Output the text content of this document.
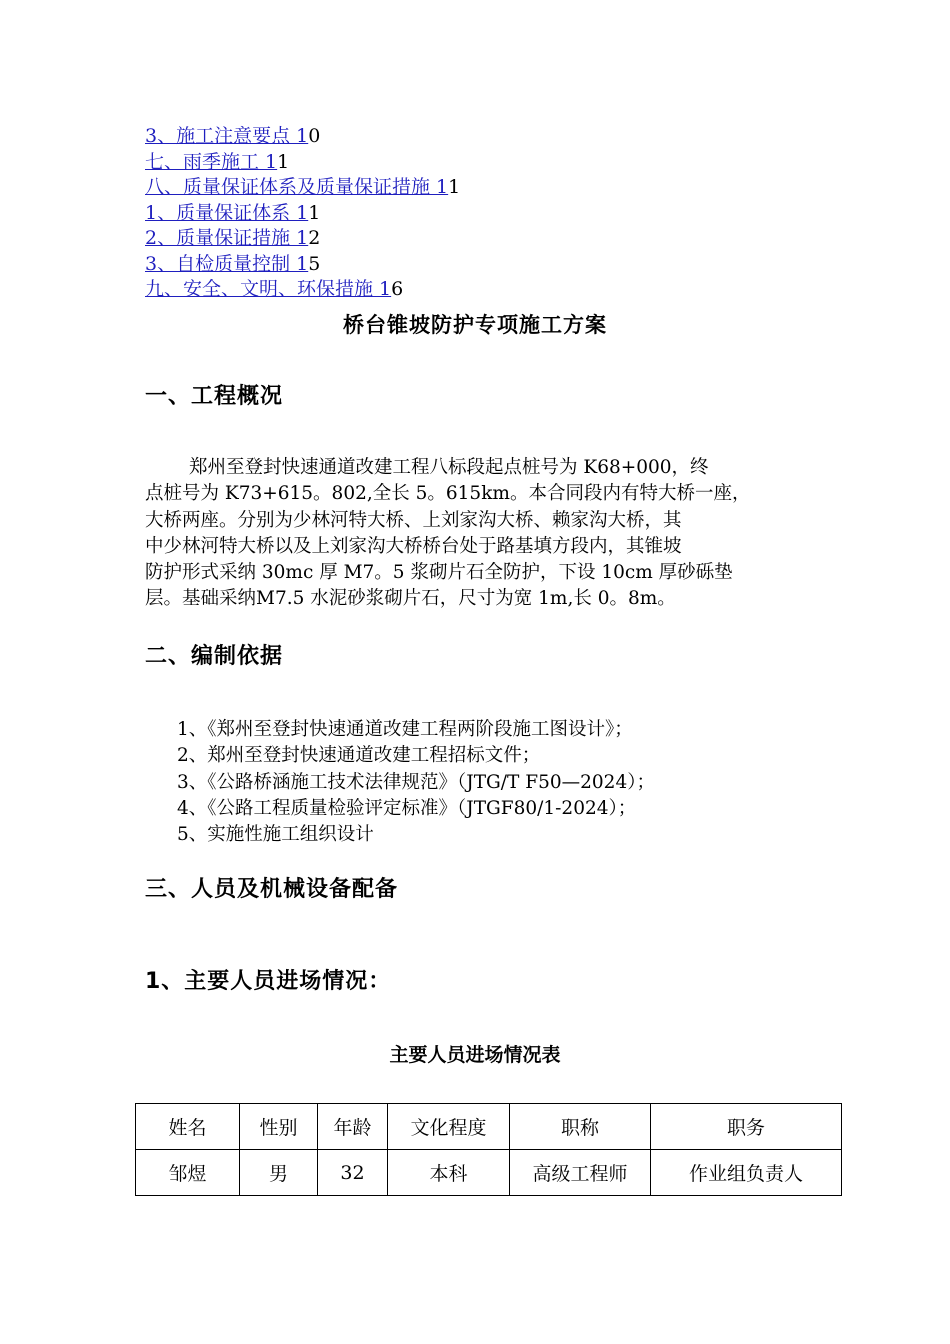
3、施工注意要点 10
七、雨季施工 11
八、质量保证体系及质量保证措施 11
1、质量保证体系 11
2、质量保证措施 12
3、自检质量控制 15
九、安全、文明、环保措施 16
桥台锥坡防护专项施工方案
一、工程概况
郑州至登封快速通道改建工程八标段起点桩号为 K68+000，终
点桩号为 K73+615。802,全长 5。615km。本合同段内有特大桥一座，
大桥两座。分别为少林河特大桥、上刘家沟大桥、赖家沟大桥，其
中少林河特大桥以及上刘家沟大桥桥台处于路基填方段内，其锥坡
防护形式采纳 30mc 厚 M7。5 浆砌片石全防护，下设 10cm 厚砂砾垫
层。基础采纳M7.5 水泥砂浆砌片石，尺寸为宽 1m,长 0。8m。
二、编制依据
1、《郑州至登封快速通道改建工程两阶段施工图设计》；
2、郑州至登封快速通道改建工程招标文件；
3、《公路桥涵施工技术法律规范》（JTG/T F50—2024）；
4、《公路工程质量检验评定标准》（JTGF80/1-2024）；
5、实施性施工组织设计
三、人员及机械设备配备
1、主要人员进场情况：
主要人员进场情况表
姓名	性别	年龄	文化程度	职称	职务
邹煜	男	32	本科	高级工程师	作业组负责人
